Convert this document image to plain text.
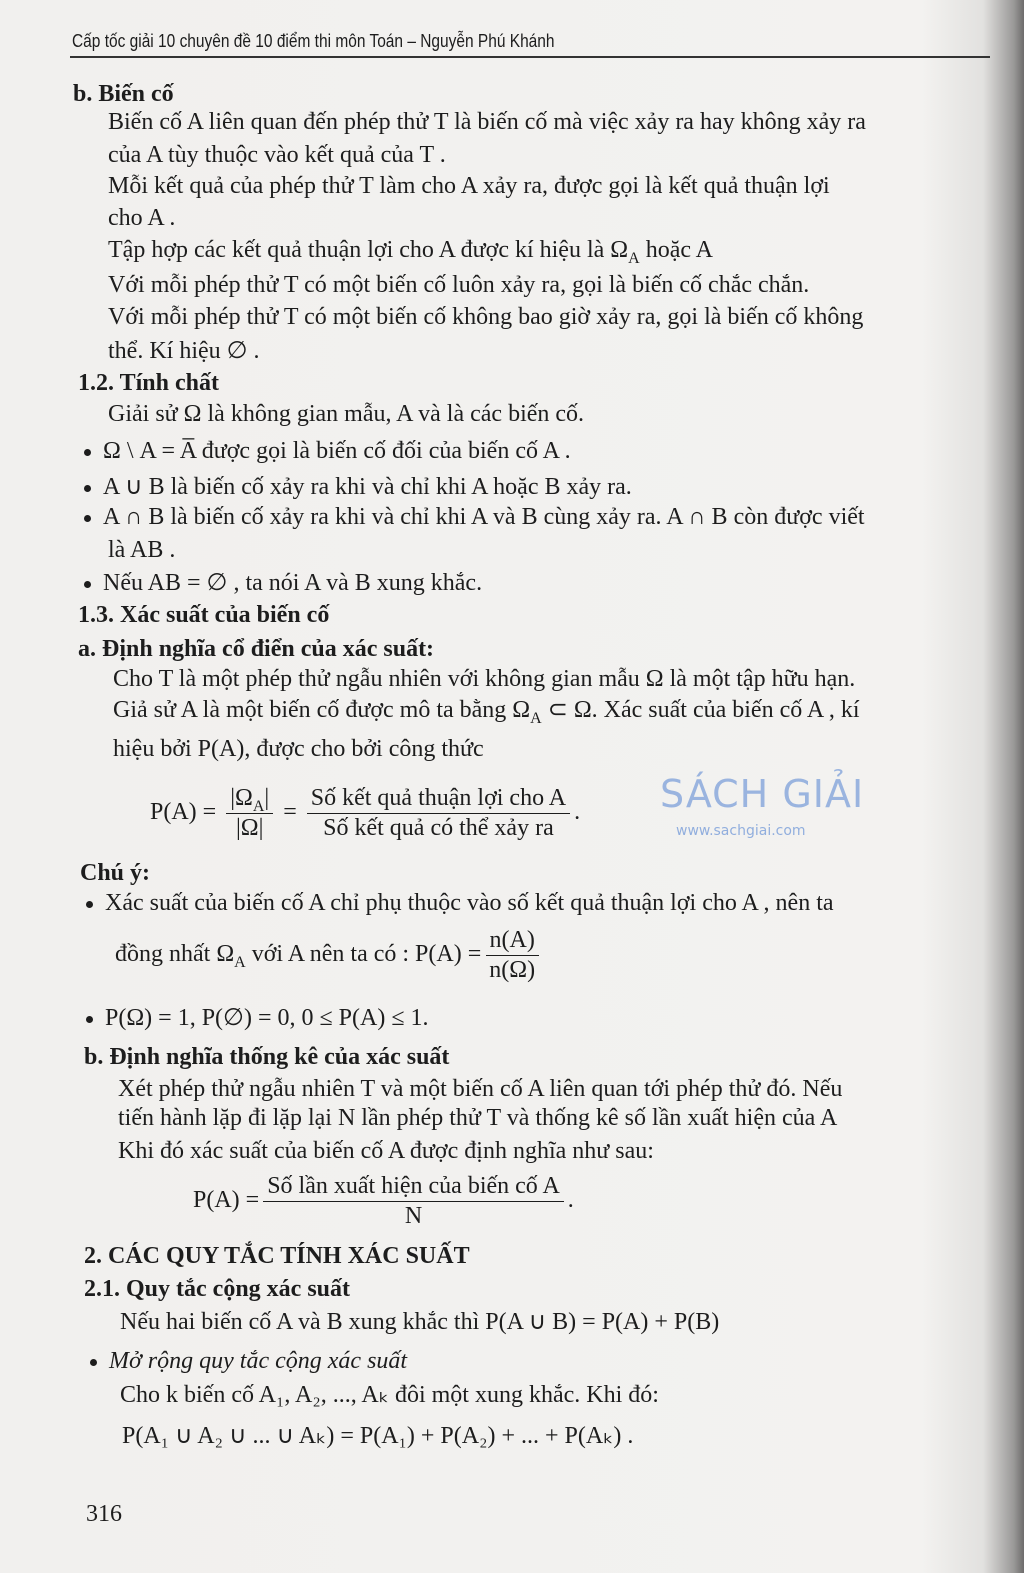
Cấp tốc giải 10 chuyên đề 10 điểm thi môn Toán – Nguyễn Phú Khánh
b. Biến cố
Biến cố A liên quan đến phép thử T là biến cố mà việc xảy ra hay không xảy ra
của A tùy thuộc vào kết quả của T .
Mỗi kết quả của phép thử T làm cho A xảy ra, được gọi là kết quả thuận lợi
cho A .
Tập hợp các kết quả thuận lợi cho A được kí hiệu là $\Omega_A$ hoặc A
Với mỗi phép thử T có một biến cố luôn xảy ra, gọi là biến cố chắc chắn.
Với mỗi phép thử T có một biến cố không bao giờ xảy ra, gọi là biến cố không
thể. Kí hiệu ∅ .
1.2. Tính chất
Giải sử Ω là không gian mẫu, A và là các biến cố.
Ω \ A = A̅ được gọi là biến cố đối của biến cố A .
A ∪ B là biến cố xảy ra khi và chỉ khi A hoặc B xảy ra.
A ∩ B là biến cố xảy ra khi và chỉ khi A và B cùng xảy ra. A ∩ B còn được viết
là AB .
Nếu AB = ∅ , ta nói A và B xung khắc.
1.3. Xác suất của biến cố
a. Định nghĩa cổ điển của xác suất:
Cho T là một phép thử ngẫu nhiên với không gian mẫu Ω là một tập hữu hạn.
Giả sử A là một biến cố được mô ta bằng $\Omega_A$ ⊂ Ω. Xác suất của biến cố A , kí
hiệu bởi P(A), được cho bởi công thức
SÁCH GIẢI
www.sachgiai.com
$P(A) = \frac{|\Omega_A|}{|\Omega|} = \frac{\text{Số kết quả thuận lợi cho A}}{\text{Số kết quả có thể xảy ra}}$ .
Chú ý:
Xác suất của biến cố A chỉ phụ thuộc vào số kết quả thuận lợi cho A , nên ta
đồng nhất $\Omega_A$ với A nên ta có : $P(A) = \frac{n(A)}{n(\Omega)}$
P(Ω) = 1, P(∅) = 0, 0 ≤ P(A) ≤ 1.
b. Định nghĩa thống kê của xác suất
Xét phép thử ngẫu nhiên T và một biến cố A liên quan tới phép thử đó. Nếu
tiến hành lặp đi lặp lại N lần phép thử T và thống kê số lần xuất hiện của A
Khi đó xác suất của biến cố A được định nghĩa như sau:
$P(A) = \frac{\text{Số lần xuất hiện của biến cố A}}{N}$ .
2. CÁC QUY TẮC TÍNH XÁC SUẤT
2.1. Quy tắc cộng xác suất
Nếu hai biến cố A và B xung khắc thì P(A ∪ B) = P(A) + P(B)
Mở rộng quy tắc cộng xác suất
Cho k biến cố A₁, A₂, ..., Aₖ đôi một xung khắc. Khi đó:
P(A₁ ∪ A₂ ∪ ... ∪ Aₖ) = P(A₁) + P(A₂) + ... + P(Aₖ) .
316
